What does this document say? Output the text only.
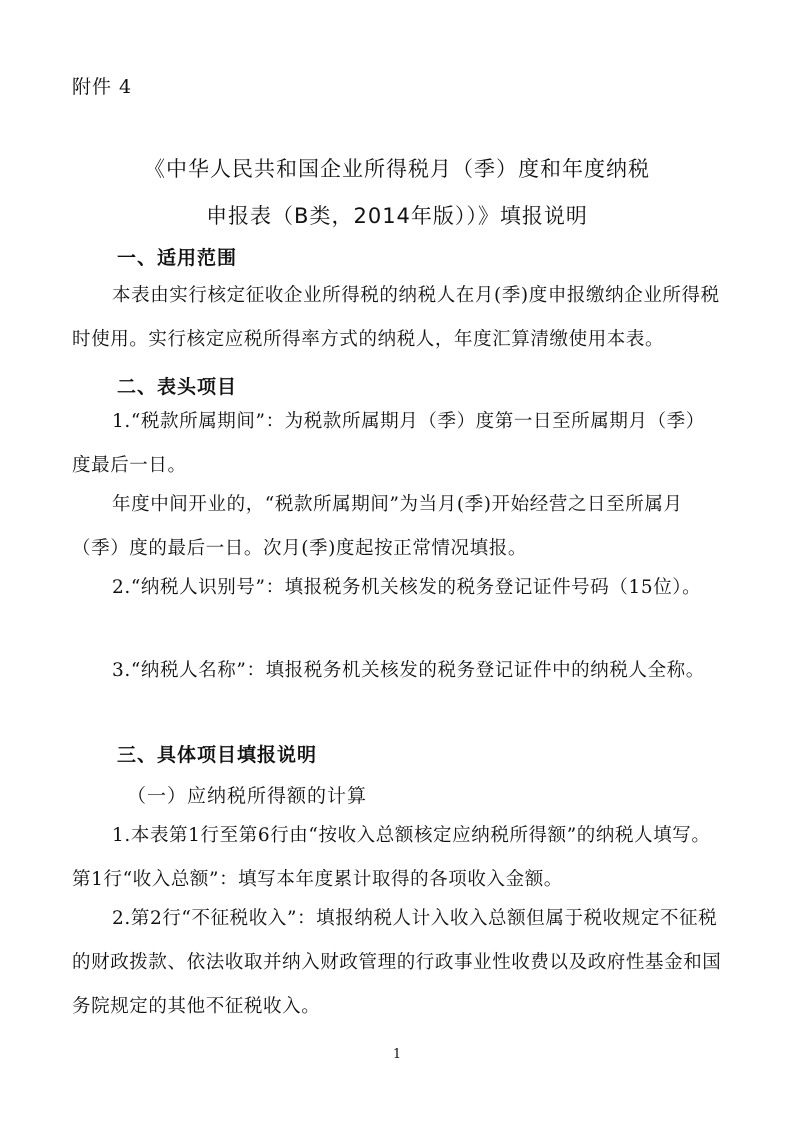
附件 4
《中华人民共和国企业所得税月（季）度和年度纳税
申报表（B类，2014年版））》填报说明
一、适用范围
本表由实行核定征收企业所得税的纳税人在月(季)度申报缴纳企业所得税时使用。实行核定应税所得率方式的纳税人，年度汇算清缴使用本表。
二、表头项目
1.“税款所属期间”：为税款所属期月（季）度第一日至所属期月（季）度最后一日。
年度中间开业的，“税款所属期间”为当月(季)开始经营之日至所属月（季）度的最后一日。次月(季)度起按正常情况填报。
2.“纳税人识别号”：填报税务机关核发的税务登记证件号码（15位）。
3.“纳税人名称”：填报税务机关核发的税务登记证件中的纳税人全称。
三、具体项目填报说明
（一）应纳税所得额的计算
1.本表第1行至第6行由“按收入总额核定应纳税所得额”的纳税人填写。第1行“收入总额”：填写本年度累计取得的各项收入金额。
2.第2行“不征税收入”：填报纳税人计入收入总额但属于税收规定不征税的财政拨款、依法收取并纳入财政管理的行政事业性收费以及政府性基金和国务院规定的其他不征税收入。
1
